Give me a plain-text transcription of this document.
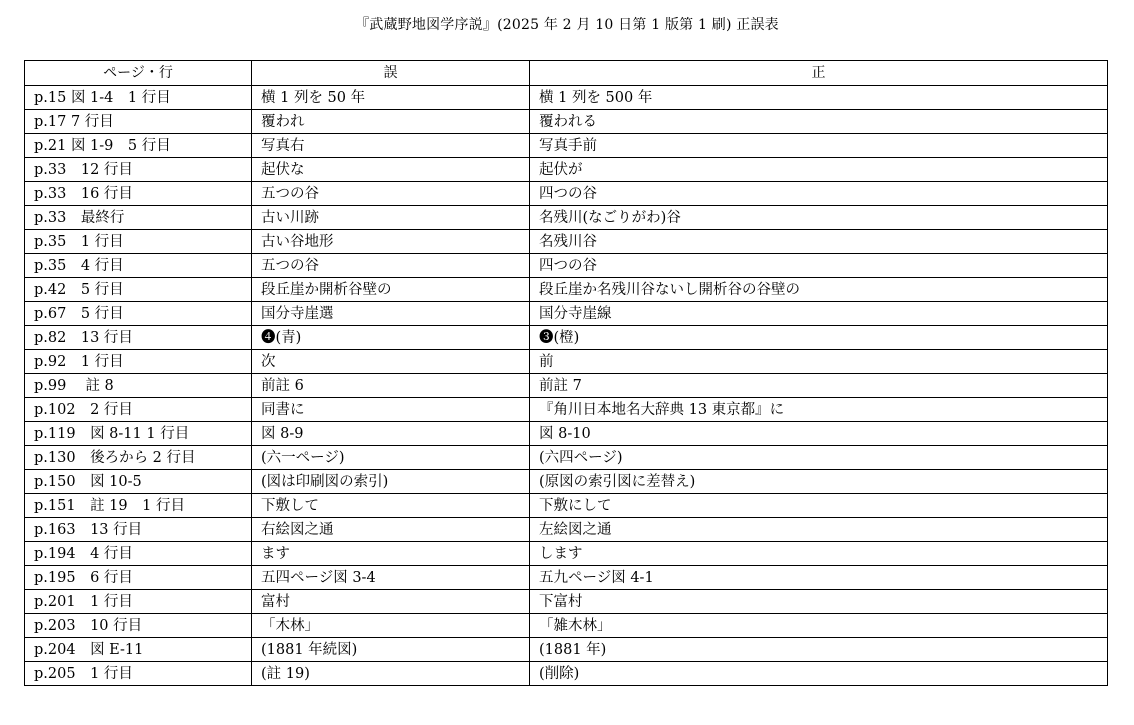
『武蔵野地図学序説』(2025 年 2 月 10 日第 1 版第 1 刷) 正誤表
ページ・行	誤	正
p.15 図 1-4　1 行目	横 1 列を 50 年	横 1 列を 500 年
p.17 7 行目	覆われ	覆われる
p.21 図 1-9　5 行目	写真右	写真手前
p.33　12 行目	起伏な	起伏が
p.33　16 行目	五つの谷	四つの谷
p.33　最終行	古い川跡	名残川(なごりがわ)谷
p.35　1 行目	古い谷地形	名残川谷
p.35　4 行目	五つの谷	四つの谷
p.42　5 行目	段丘崖か開析谷壁の	段丘崖か名残川谷ないし開析谷の谷壁の
p.67　5 行目	国分寺崖選	国分寺崖線
p.82　13 行目	❹(青)	❸(橙)
p.92　1 行目	次	前
p.99　 註 8	前註 6	前註 7
p.102　2 行目	同書に	『角川日本地名大辞典 13 東京都』に
p.119　図 8-11 1 行目	図 8-9	図 8-10
p.130　後ろから 2 行目	(六一ページ)	(六四ページ)
p.150　図 10-5	(図は印刷図の索引)	(原図の索引図に差替え)
p.151　註 19　1 行目	下敷して	下敷にして
p.163　13 行目	右絵図之通	左絵図之通
p.194　4 行目	ます	します
p.195　6 行目	五四ページ図 3-4	五九ページ図 4-1
p.201　1 行目	富村	下富村
p.203　10 行目	「木林」	「雑木林」
p.204　図 E-11	(1881 年続図)	(1881 年)
p.205　1 行目	(註 19)	(削除)
